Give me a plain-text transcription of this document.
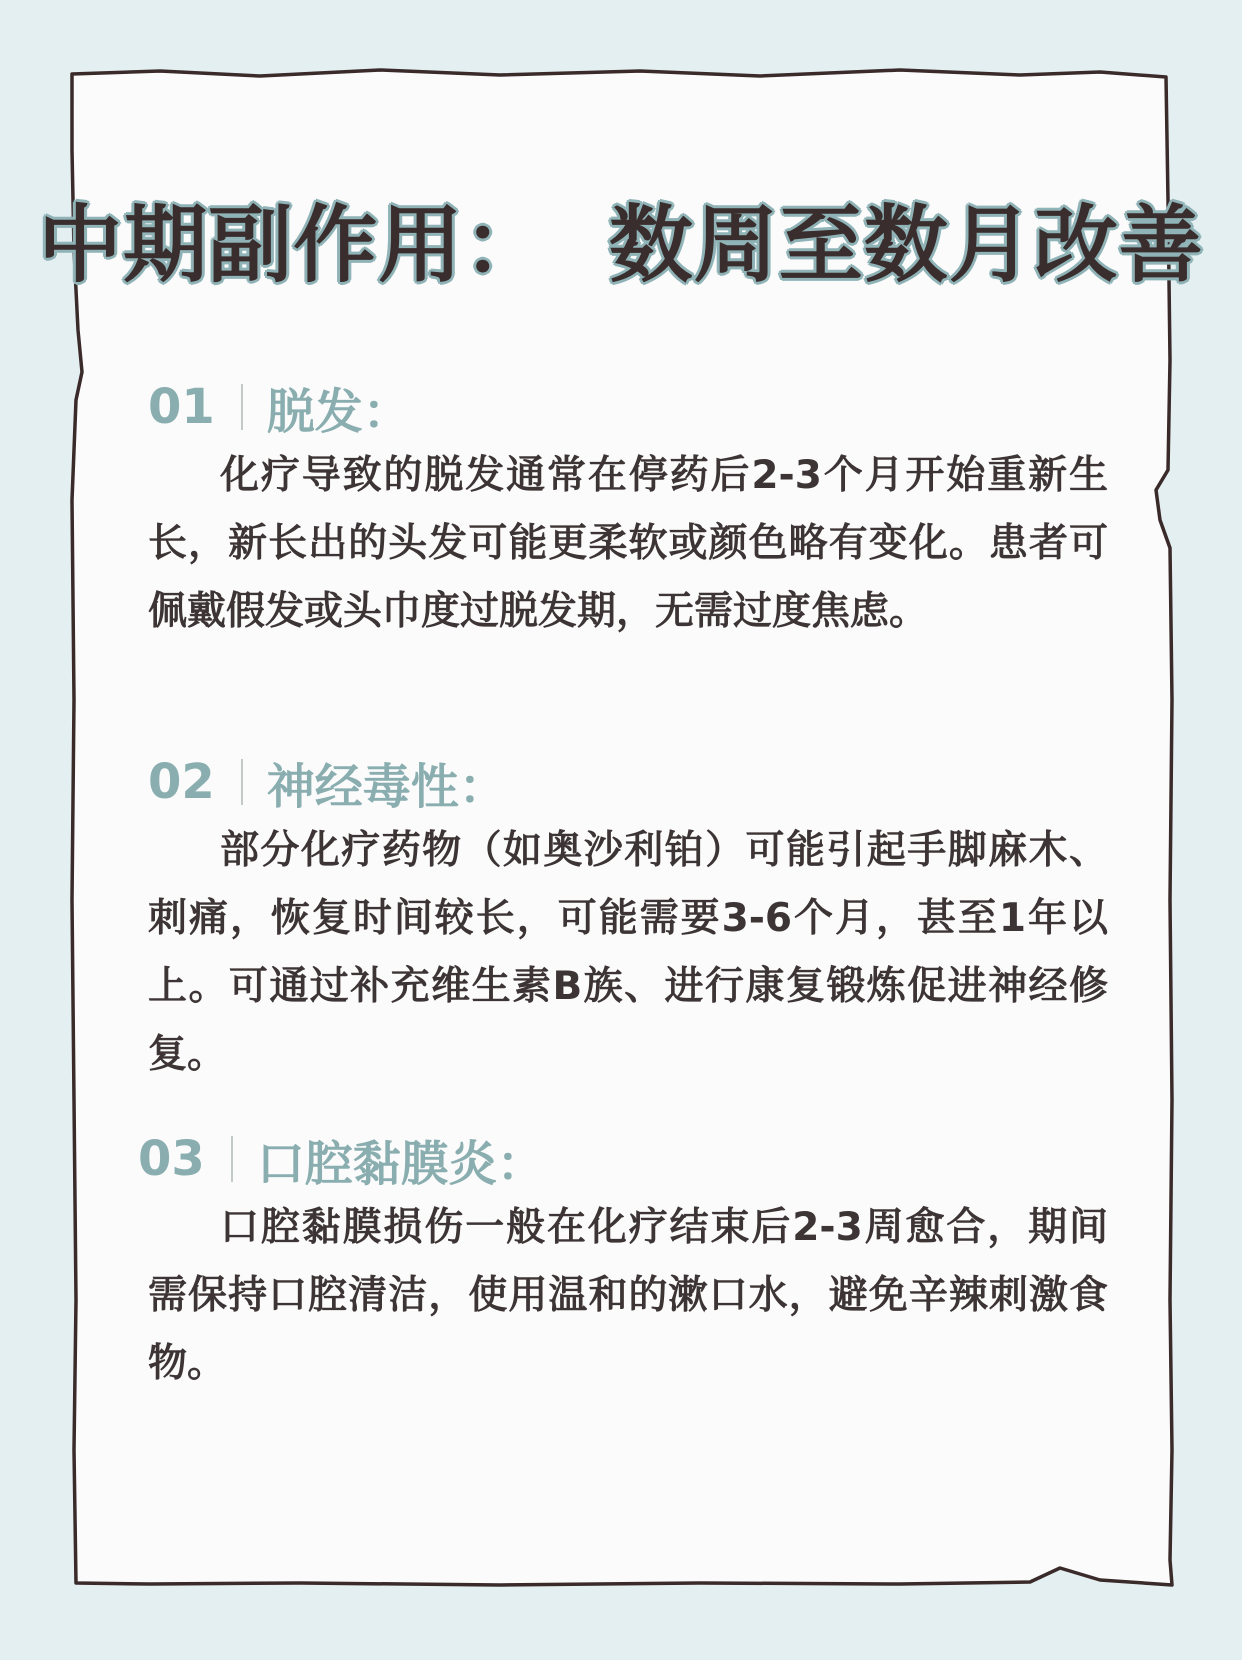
中期副作用：  数周至数月改善
01 脱发：

化疗导致的脱发通常在停药后2-3个月开始重新生长，新长出的头发可能更柔软或颜色略有变化。患者可佩戴假发或头巾度过脱发期，无需过度焦虑。

02 神经毒性：

部分化疗药物（如奥沙利铂）可能引起手脚麻木、刺痛，恢复时间较长，可能需要3-6个月，甚至1年以上。可通过补充维生素B族、进行康复锻炼促进神经修复。

03 口腔黏膜炎：

口腔黏膜损伤一般在化疗结束后2-3周愈合，期间需保持口腔清洁，使用温和的漱口水，避免辛辣刺激食物。
